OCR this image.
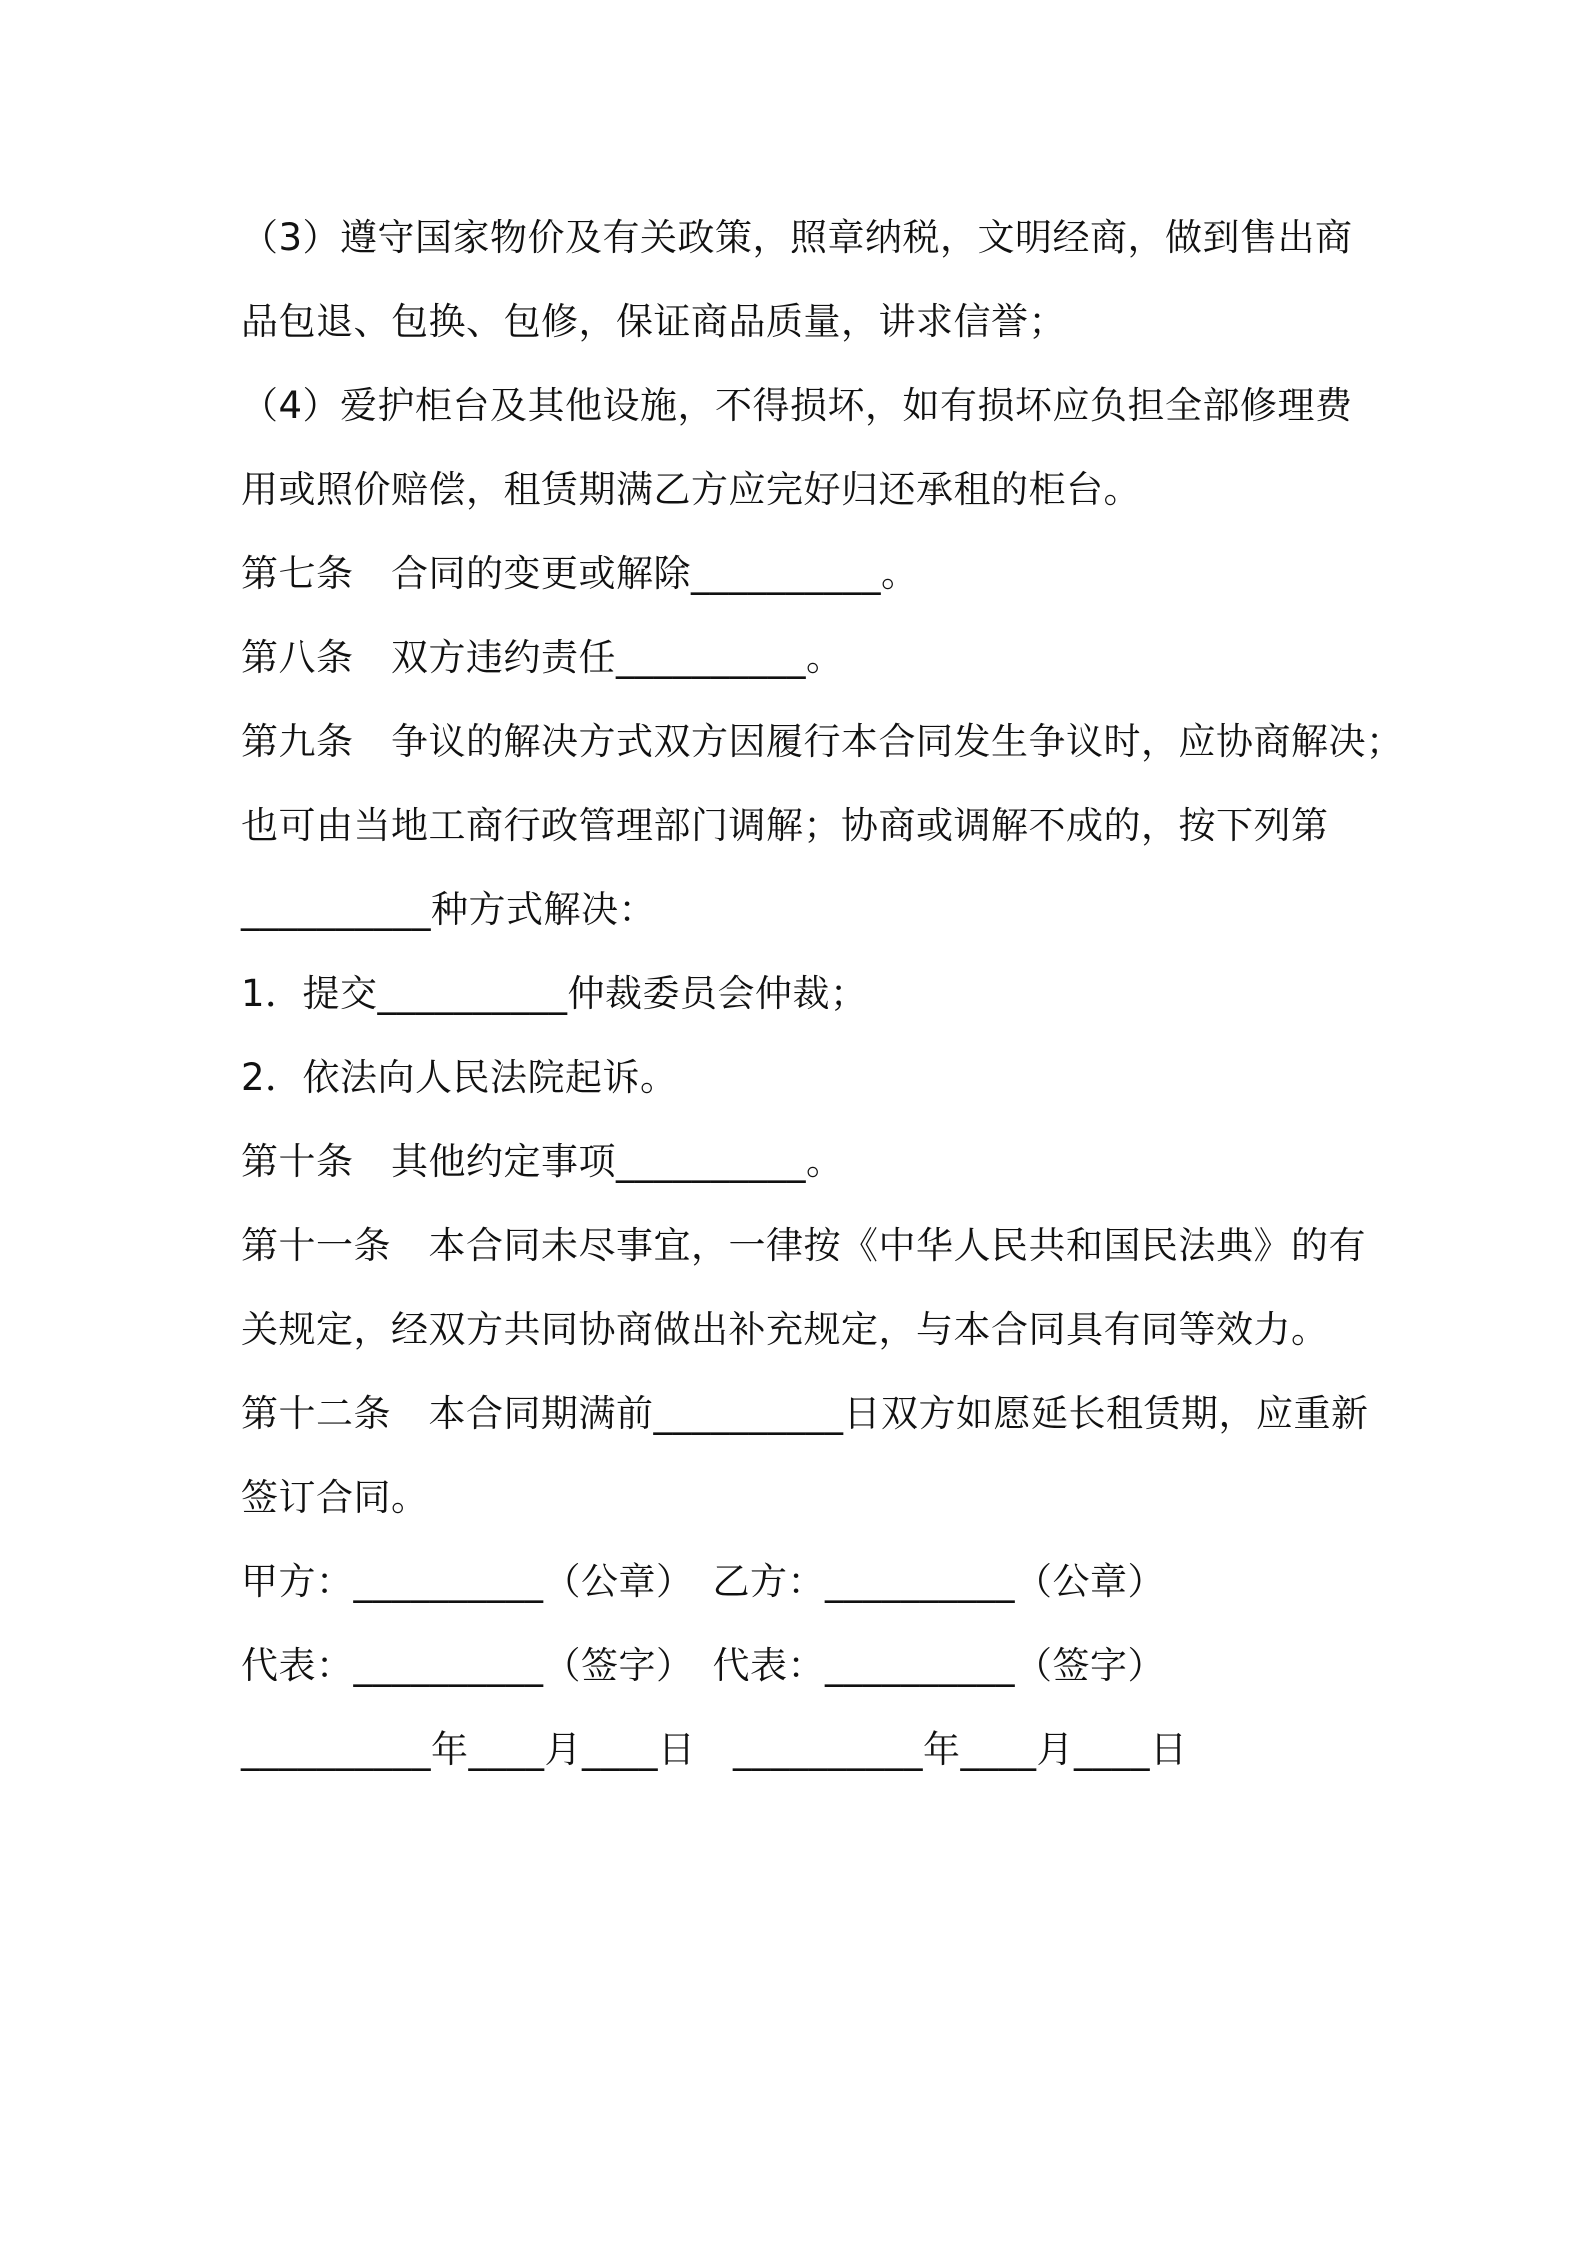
（3）遵守国家物价及有关政策，照章纳税，文明经商，做到售出商
品包退、包换、包修，保证商品质量，讲求信誉；
（4）爱护柜台及其他设施，不得损坏，如有损坏应负担全部修理费
用或照价赔偿，租赁期满乙方应完好归还承租的柜台。
第七条　合同的变更或解除__________。
第八条　双方违约责任__________。
第九条　争议的解决方式双方因履行本合同发生争议时，应协商解决；
也可由当地工商行政管理部门调解；协商或调解不成的，按下列第
__________种方式解决：
1．提交__________仲裁委员会仲裁；
2．依法向人民法院起诉。
第十条　其他约定事项__________。
第十一条　本合同未尽事宜，一律按《中华人民共和国民法典》的有
关规定，经双方共同协商做出补充规定，与本合同具有同等效力。
第十二条　本合同期满前__________日双方如愿延长租赁期，应重新
签订合同。
甲方：__________（公章）　乙方：__________（公章）
代表：__________（签字）　代表：__________（签字）
__________年____月____日　__________年____月____日
